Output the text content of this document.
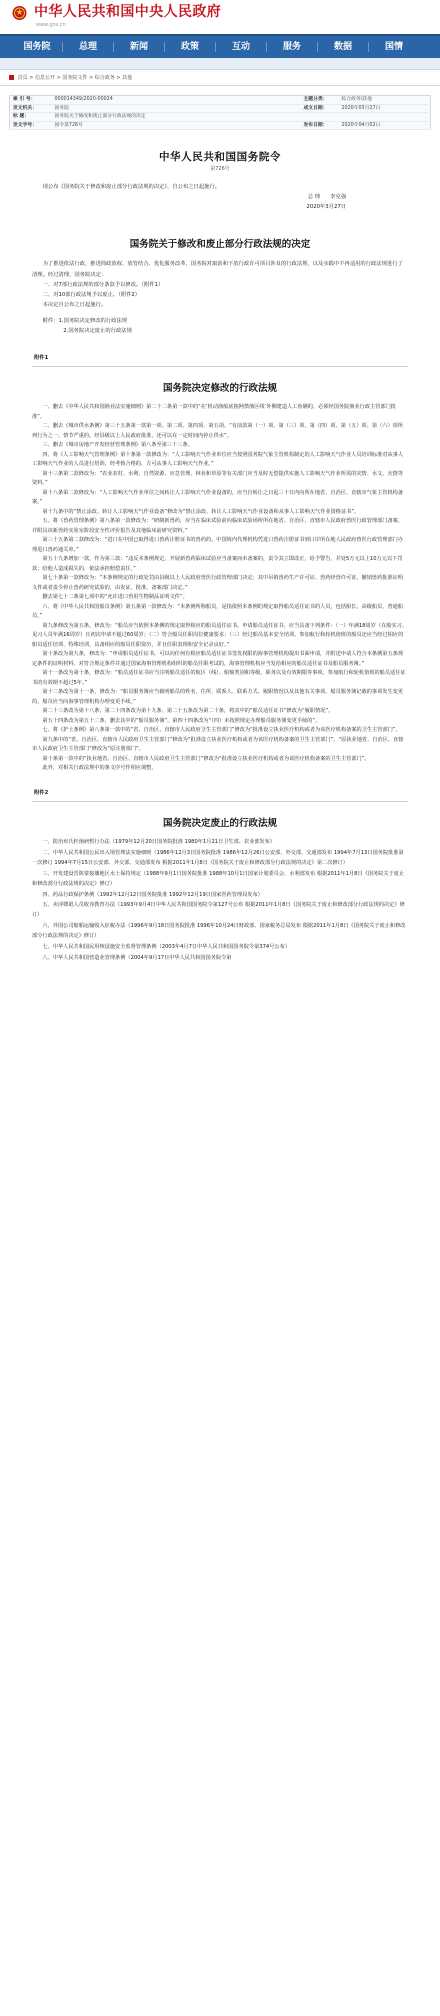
中华人民共和国中央人民政府
www.gov.cn
国务院	总理	新闻	政策	互动	服务	数据	国情
首页 > 信息公开 > 国务院文件 > 综合政务 > 其他
索 引 号：	000014349/2020-00024	主题分类：	综合政务\其他
发文机关：	国务院	成文日期：	2020年03月27日
标 题：	国务院关于修改和废止部分行政法规的决定		
发文字号：	国令第726号	发布日期：	2020年04月02日
中华人民共和国国务院令
第726号

现公布《国务院关于修改和废止部分行政法规的决定》，自公布之日起施行。

总 理 李克强
2020年3月27日
国务院关于修改和废止部分行政法规的决定

为了推进依法行政，推进简政放权、放管结合、优化服务改革，国务院对取消和下放行政许可项目涉及的行政法规，以及实践中不再适用的行政法规进行了清理。经过清理，国务院决定：

一、对7部行政法规的部分条款予以修改。（附件1）

二、对10部行政法规予以废止。（附件2）

本决定自公布之日起施行。

附件：1.国务院决定修改的行政法规
2.国务院决定废止的行政法规
附件1
国务院决定修改的行政法规

一、删去《中华人民共和国渔业法实施细则》第二十二条第一款中的“在‘机动渔船底拖网禁渔区线’外侧建造人工鱼礁的，必须经国务院渔业行政主管部门批准”。

二、删去《城市供水条例》第三十五条第一款第一项、第二项、第四项、第五项，“有前款第（一）项、第（三）项、第（四）项、第（五）项、第（六）项所列行为之一，情节严重的，经县级以上人民政府批准，还可以在一定时间内停止供水”。

三、删去《城市房地产开发经营管理条例》第八条至第三十三条。

四、将《人工影响天气管理条例》第十条第一款修改为：“人工影响天气作业单位应当按照国务院气象主管机构制定的人工影响天气作业人员培训标准对从事人工影响天气作业的人员进行培训，经考核合格的，方可从事人工影响天气作业。”

第十三条第二款修改为：“农业农村、水利、自然资源、应急管理、林业和草原等有关部门应当及时无偿提供实施人工影响天气作业所需的灾情、水文、火情等资料。”

第十八条第二款修改为：“人工影响天气作业单位之间转让人工影响天气作业设备的，应当自转让之日起三十日内向所在地省、自治区、直辖市气象主管机构备案。”

第十九条中的“禁止涂改、转让人工影响天气作业设备”修改为“禁止涂改、转让人工影响天气作业设备和从事人工影响天气作业资格证书”。

五、将《兽药管理条例》第八条第一款修改为：“研制新兽药，应当在临床试验前向临床试验场所所在地省、自治区、直辖市人民政府兽医行政管理部门备案，并附具该新兽药实验室阶段安全性评价报告及其他临床前研究资料。”

第三十五条第二款修改为：“进口在中国已取得进口兽药注册证书的兽药的，中国境内代理机构凭进口兽药注册证书到口岸所在地人民政府兽医行政管理部门办理进口兽药通关单。”

第五十九条增加一款，作为第三款：“违反本条例规定，开展新兽药临床试验应当备案而未备案的，责令其立即改正，给予警告，并处5万元以上10万元以下罚款；给他人造成损失的，依法承担赔偿责任。”

第七十条第一款修改为：“本条例规定的行政处罚由县级以上人民政府兽医行政管理部门决定；其中吊销兽药生产许可证、兽药经营许可证，撤销兽药批准证明文件或者责令停止兽药研究试验的，由发证、批准、备案部门决定。”

删去第七十二条第七项中的“允许进口兽用生物制品证明文件”。

六、将《中华人民共和国船员条例》第五条第一款修改为：“本条例所称船员，是指依照本条例的规定取得船员适任证书的人员，包括船长、高级船员、普通船员。”

第九条修改为第五条，修改为：“船员应当依照本条例的规定取得相应的船员适任证书。申请船员适任证书，应当具备下列条件：（一）年满18周岁（在船实习、见习人员年满16周岁）且初次申请不超过60周岁；（二）符合船员任职岗位健康要求；（三）经过船员基本安全培训。参加航行和轮机值班的船员还应当经过相应的船员适任培训、特殊培训，具备相应的船员任职资历，并且任职表现和安全记录良好。”

第十条改为第九条，修改为：“申请船员适任证书，可以向任何有相应船员适任证书签发权限的海事管理机构提出书面申请，并附送申请人符合本条例第五条规定条件的证明材料。对符合规定条件并通过国家海事管理机构组织的船员任职考试的，海事管理机构应当发给相应的船员适任证书及船员服务簿。”

第十一条改为第十条，修改为：“船员适任证书应当注明船员适任的航区（线）、船舶类别和等级、职务以及有效期限等事项。参加航行和轮机值班的船员适任证书的有效期不超过5年。”

第十二条改为第十一条，修改为：“船员服务簿应当载明船员的姓名、住所、联系人、联系方式、履职情况以及其他有关事项。船员服务簿记载的事项发生变更的，船员应当向海事管理机构办理变更手续。”

第二十三条改为第十八条、第二十四条改为第十九条、第二十五条改为第二十条，将其中的“船员适任证书”修改为“履职情况”。

第五十四条改为第五十二条，删去其中的“船员服务簿”，第四十四条改为“（四）未按照规定办理船员服务簿变更手续的”。

七、将《护士条例》第八条第一款中的“省、自治区、直辖市人民政府卫生主管部门”修改为“批准设立执业医疗机构或者为该医疗机构备案的卫生主管部门”。

第九条中的“省、自治区、直辖市人民政府卫生主管部门”修改为“批准设立执业医疗机构或者为该医疗机构备案的卫生主管部门”，“原执业地省、自治区、直辖市人民政府卫生主管部门”修改为“原注册部门”。

第十条第一款中的“执业地省、自治区、直辖市人民政府卫生主管部门”修改为“批准设立执业医疗机构或者为该医疗机构备案的卫生主管部门”。

此外，对相关行政法规中的条文序号作相应调整。

附件2
国务院决定废止的行政法规

一、防治布氏杆菌病暂行办法（1979年12月20日国务院批准 1980年1月21日卫生部、农业部发布）

二、中华人民共和国公民出入境管理法实施细则（1986年12月3日国务院批准 1986年12月26日公安部、外交部、交通部发布 1994年7月13日国务院批准第一次修订 1994年7月15日公安部、外交部、交通部发布 根据2011年1月8日《国务院关于废止和修改部分行政法规的决定》第二次修订）

三、开发建设晋陕蒙接壤地区水土保持规定（1988年9月1日国务院批准 1988年10月1日国家计划委员会、水利部发布 根据2011年1月8日《国务院关于废止和修改部分行政法规的决定》修订）

四、药品行政保护条例（1992年12月12日国务院批准 1992年12月19日国家医药管理局发布）

五、卖淫嫖娼人员收容教育办法（1993年9月4日中华人民共和国国务院令第127号公布 根据2011年1月8日《国务院关于废止和修改部分行政法规的决定》修订）

六、外国公司船舶运输收入征税办法（1996年9月18日国务院批准 1996年10月24日财政部、国家税务总局发布 根据2011年1月8日《国务院关于废止和修改部分行政法规的决定》修订）

七、中华人民共和国民用核设施安全监督管理条例（2003年4月7日中华人民共和国国务院令第374号公布）

八、中华人民共和国营造业管理条例（2004年9月17日中华人民共和国国务院令第
